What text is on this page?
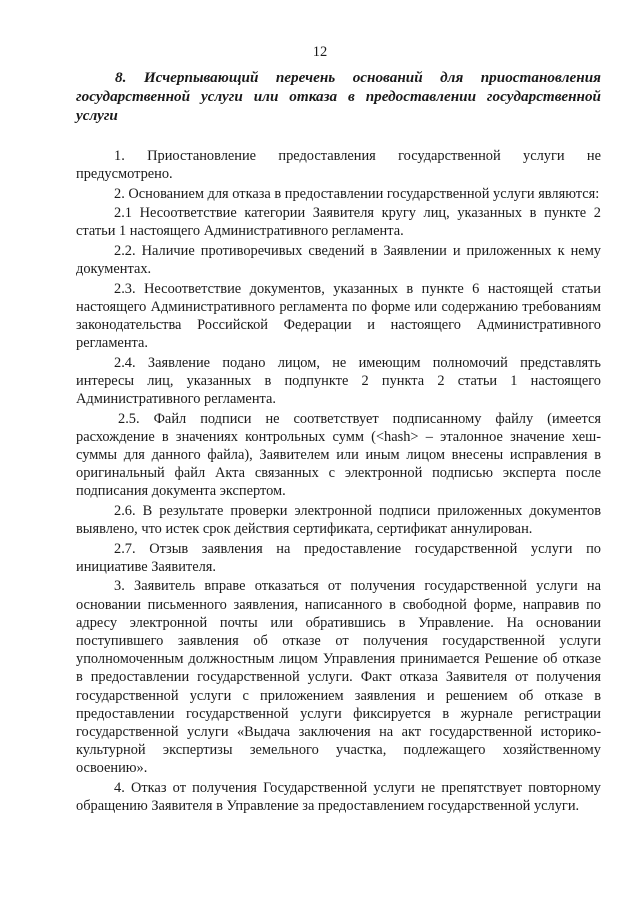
12
8. Исчерпывающий перечень оснований для приостановления
государственной услуги или отказа в предоставлении государственной услуги

1. Приостановление предоставления государственной услуги не предусмотрено.

2. Основанием для отказа в предоставлении государственной услуги являются:

2.1 Несоответствие категории Заявителя кругу лиц, указанных в пункте 2 статьи 1 настоящего Административного регламента.

2.2. Наличие противоречивых сведений в Заявлении и приложенных к нему документах.

2.3. Несоответствие документов, указанных в пункте 6 настоящей статьи настоящего Административного регламента по форме или содержанию требованиям законодательства Российской Федерации и настоящего Административного регламента.

2.4. Заявление подано лицом, не имеющим полномочий представлять интересы лиц, указанных в подпункте 2 пункта 2 статьи 1 настоящего Административного регламента.

2.5. Файл подписи не соответствует подписанному файлу (имеется расхождение в значениях контрольных сумм (<hash> – эталонное значение хеш-суммы для данного файла), Заявителем или иным лицом внесены исправления в оригинальный файл Акта связанных с электронной подписью эксперта после подписания документа экспертом.

2.6. В результате проверки электронной подписи приложенных документов выявлено, что истек срок действия сертификата, сертификат аннулирован.

2.7. Отзыв заявления на предоставление государственной услуги по инициативе Заявителя.

3. Заявитель вправе отказаться от получения государственной услуги на основании письменного заявления, написанного в свободной форме, направив по адресу электронной почты или обратившись в Управление. На основании поступившего заявления об отказе от получения государственной услуги уполномоченным должностным лицом Управления принимается Решение об отказе в предоставлении государственной услуги. Факт отказа Заявителя от получения государственной услуги с приложением заявления и решением об отказе в предоставлении государственной услуги фиксируется в журнале регистрации государственной услуги «Выдача заключения на акт государственной историко-культурной экспертизы земельного участка, подлежащего хозяйственному освоению».

4. Отказ от получения Государственной услуги не препятствует повторному обращению Заявителя в Управление за предоставлением государственной услуги.
